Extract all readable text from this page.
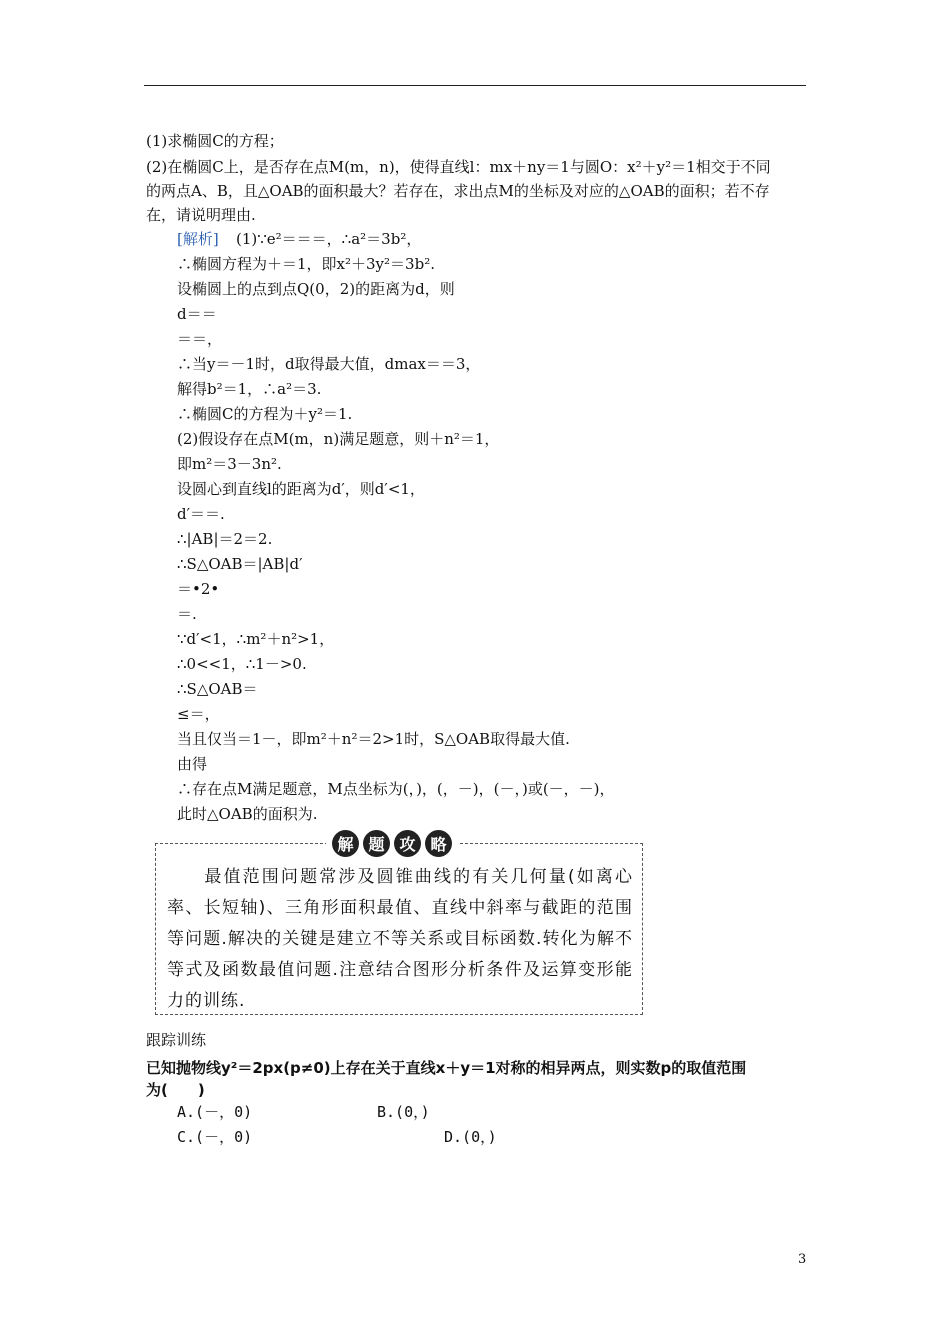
(1)求椭圆C的方程；
(2)在椭圆C上，是否存在点M(m，n)，使得直线l：mx＋ny＝1与圆O：x²＋y²＝1相交于不同
的两点A、B，且△OAB的面积最大？若存在，求出点M的坐标及对应的△OAB的面积；若不存
在，请说明理由.
[解析] (1)∵e²＝＝＝，∴a²＝3b²，
∴椭圆方程为＋＝1，即x²＋3y²＝3b².
设椭圆上的点到点Q(0，2)的距离为d，则
d＝＝
＝＝，
∴当y＝－1时，d取得最大值，dmax＝＝3，
解得b²＝1，∴a²＝3.
∴椭圆C的方程为＋y²＝1.
(2)假设存在点M(m，n)满足题意，则＋n²＝1，
即m²＝3－3n².
设圆心到直线l的距离为d′，则d′<1，
d′＝＝.
∴|AB|＝2＝2.
∴S△OAB＝|AB|d′
＝•2•
＝.
∵d′<1，∴m²＋n²>1，
∴0<<1，∴1－>0.
∴S△OAB＝
≤＝，
当且仅当＝1－，即m²＋n²＝2>1时，S△OAB取得最大值.
由得
∴存在点M满足题意，M点坐标为(，)，(，－)，(－，)或(－，－)，
此时△OAB的面积为.
解 题 攻 略

最值范围问题常涉及圆锥曲线的有关几何量(如离心率、长短轴)、三角形面积最值、直线中斜率与截距的范围等问题.解决的关键是建立不等关系或目标函数.转化为解不等式及函数最值问题.注意结合图形分析条件及运算变形能力的训练.

跟踪训练
已知抛物线y²＝2px(p≠0)上存在关于直线x＋y＝1对称的相异两点，则实数p的取值范围
为(　　)
A.(－，0)	B.(0，)
C.(－，0)	D.(0，)
3
